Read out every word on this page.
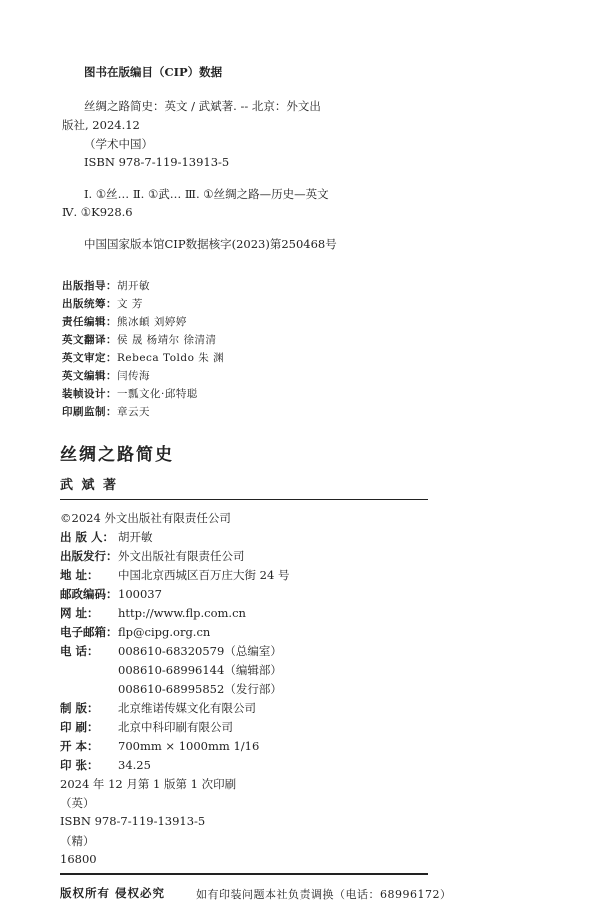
图书在版编目（CIP）数据
丝绸之路简史：英文 / 武斌著. -- 北京：外文出
版社, 2024.12
（学术中国）
ISBN 978-7-119-13913-5
Ⅰ. ①丝… Ⅱ. ①武… Ⅲ. ①丝绸之路—历史—英文
Ⅳ. ①K928.6
中国国家版本馆CIP数据核字(2023)第250468号
出版指导：胡开敏
出版统筹：文 芳
责任编辑：熊冰頔 刘婷婷
英文翻译：侯 晟 杨靖尔 徐清清
英文审定：Rebeca Toldo 朱 渊
英文编辑：闫传海
装帧设计：一瓢文化·邱特聪
印刷监制：章云天
丝绸之路简史
武 斌 著
©2024 外文出版社有限责任公司
出 版 人： 胡开敏
出版发行：外文出版社有限责任公司
地 址： 中国北京西城区百万庄大街 24 号
邮政编码：100037
网 址： http://www.flp.com.cn
电子邮箱：flp@cipg.org.cn
电 话： 008610-68320579（总编室）
008610-68996144（编辑部）
008610-68995852（发行部）
制 版： 北京维诺传媒文化有限公司
印 刷： 北京中科印刷有限公司
开 本： 700mm × 1000mm 1/16
印 张： 34.25
2024 年 12 月第 1 版第 1 次印刷
（英）
ISBN 978-7-119-13913-5
（精）
16800
版权所有 侵权必究	如有印装问题本社负责调换（电话：68996172）
